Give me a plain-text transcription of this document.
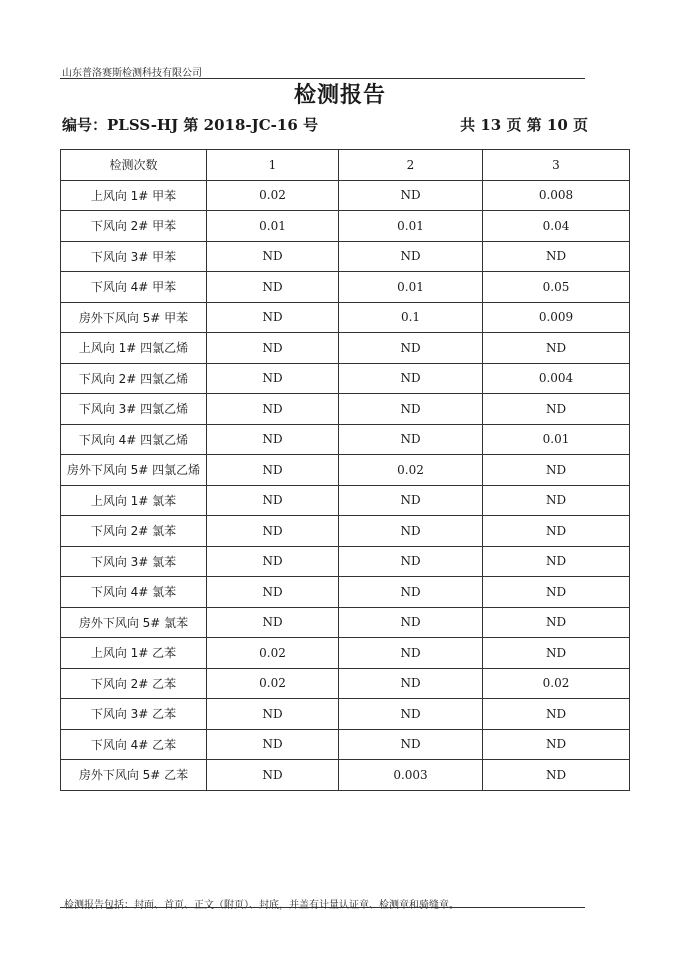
山东普洛赛斯检测科技有限公司
检测报告
编号：PLSS-HJ 第 2018-JC-16 号	共 13 页 第 10 页
检测次数	1	2	3
上风向 1# 甲苯	0.02	ND	0.008
下风向 2# 甲苯	0.01	0.01	0.04
下风向 3# 甲苯	ND	ND	ND
下风向 4# 甲苯	ND	0.01	0.05
房外下风向 5# 甲苯	ND	0.1	0.009
上风向 1# 四氯乙烯	ND	ND	ND
下风向 2# 四氯乙烯	ND	ND	0.004
下风向 3# 四氯乙烯	ND	ND	ND
下风向 4# 四氯乙烯	ND	ND	0.01
房外下风向 5# 四氯乙烯	ND	0.02	ND
上风向 1# 氯苯	ND	ND	ND
下风向 2# 氯苯	ND	ND	ND
下风向 3# 氯苯	ND	ND	ND
下风向 4# 氯苯	ND	ND	ND
房外下风向 5# 氯苯	ND	ND	ND
上风向 1# 乙苯	0.02	ND	ND
下风向 2# 乙苯	0.02	ND	0.02
下风向 3# 乙苯	ND	ND	ND
下风向 4# 乙苯	ND	ND	ND
房外下风向 5# 乙苯	ND	0.003	ND
检测报告包括：封面、首页、正文（附页）、封底，并盖有计量认证章、检测章和骑缝章。
